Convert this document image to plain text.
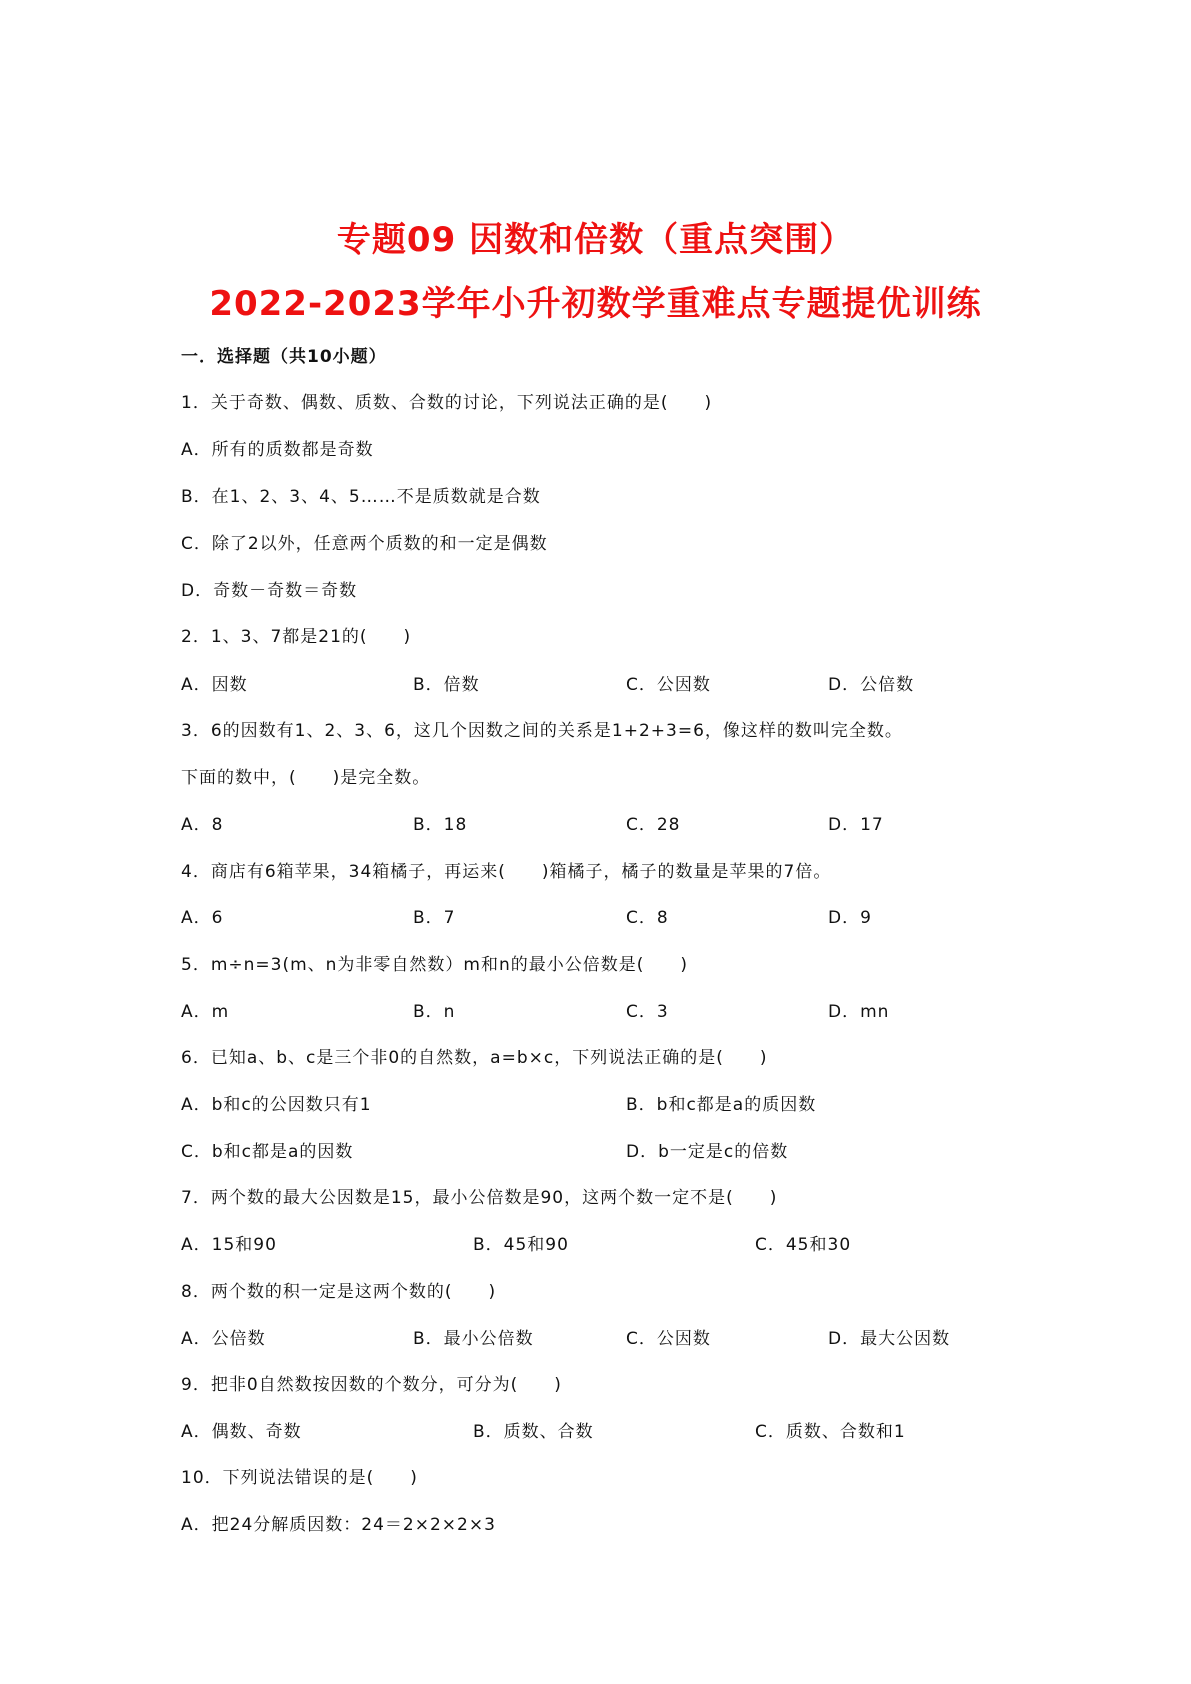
专题09 因数和倍数（重点突围）
2022-2023学年小升初数学重难点专题提优训练
一．选择题（共10小题）
1．关于奇数、偶数、质数、合数的讨论，下列说法正确的是(　　)
A．所有的质数都是奇数
B．在1、2、3、4、5……不是质数就是合数
C．除了2以外，任意两个质数的和一定是偶数
D．奇数－奇数＝奇数
2．1、3、7都是21的(　　)
A．因数	B．倍数	C．公因数	D．公倍数
3．6的因数有1、2、3、6，这几个因数之间的关系是1+2+3=6，像这样的数叫完全数。
下面的数中，(　　)是完全数。
A．8	B．18	C．28	D．17
4．商店有6箱苹果，34箱橘子，再运来(　　)箱橘子，橘子的数量是苹果的7倍。
A．6	B．7	C．8	D．9
5．m÷n=3(m、n为非零自然数）m和n的最小公倍数是(　　)
A．m	B．n	C．3	D．mn
6．已知a、b、c是三个非0的自然数，a=b×c，下列说法正确的是(　　)
A．b和c的公因数只有1	B．b和c都是a的质因数
C．b和c都是a的因数	D．b一定是c的倍数
7．两个数的最大公因数是15，最小公倍数是90，这两个数一定不是(　　)
A．15和90	B．45和90	C．45和30
8．两个数的积一定是这两个数的(　　)
A．公倍数	B．最小公倍数	C．公因数	D．最大公因数
9．把非0自然数按因数的个数分，可分为(　　)
A．偶数、奇数	B．质数、合数	C．质数、合数和1
10．下列说法错误的是(　　)
A．把24分解质因数：24＝2×2×2×3
